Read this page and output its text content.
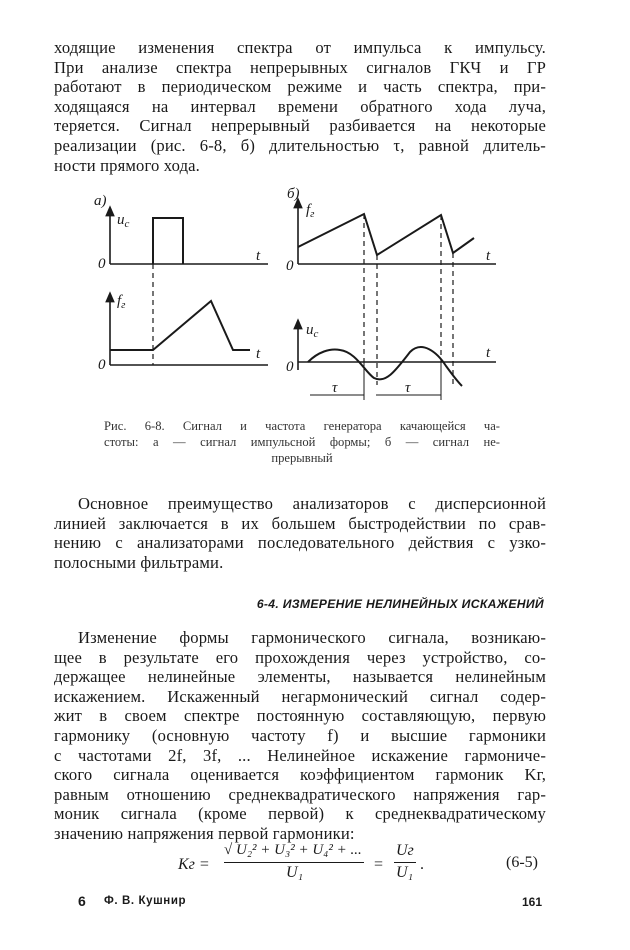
ходящие изменения спектра от импульса к импульсу.
При анализе спектра непрерывных сигналов ГКЧ и ГР
работают в периодическом режиме и часть спектра, при-
ходящаяся на интервал времени обратного хода луча,
теряется. Сигнал непрерывный разбивается на некоторые
реализации (рис. 6-8, б) длительностью τ, равной длитель-
ности прямого хода.
а)	б)
$u_с$
$f_г$
$f_г$
$u_с$
t
t
t
t
0
0
0
0
τ	τ
Рис. 6-8. Сигнал и частота генератора качающейся ча-
стоты: а — сигнал импульсной формы; б — сигнал не-
прерывный
Основное преимущество анализаторов с дисперсионной
линией заключается в их большем быстродействии по срав-
нению с анализаторами последовательного действия с узко-
полосными фильтрами.
6-4. ИЗМЕРЕНИЕ НЕЛИНЕЙНЫХ ИСКАЖЕНИЙ
Изменение формы гармонического сигнала, возникаю-
щее в результате его прохождения через устройство, со-
держащее нелинейные элементы, называется нелинейным
искажением. Искаженный негармонический сигнал содер-
жит в своем спектре постоянную составляющую, первую
гармонику (основную частоту f) и высшие гармоники
с частотами 2f, 3f, ... Нелинейное искажение гармониче-
ского сигнала оценивается коэффициентом гармоник Kг,
равным отношению среднеквадратического напряжения гар-
моник сигнала (кроме первой) к среднеквадратическому
значению напряжения первой гармоники:
Kг =
√ U₂² + U₃² + U₄² + ...
U₁	=
Uг
U₁ .	(6-5)
6 Ф. В. Кушнир	161
